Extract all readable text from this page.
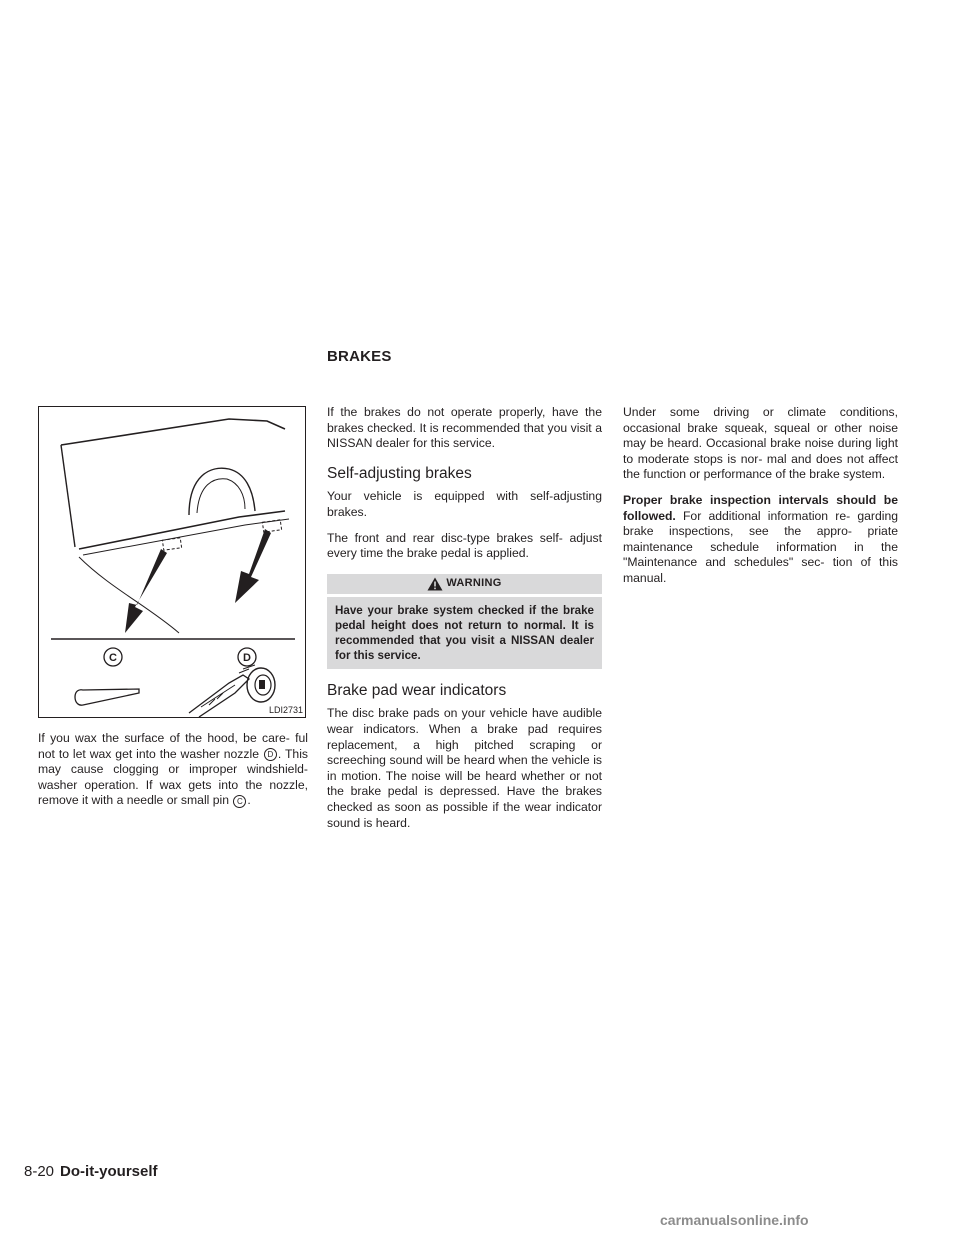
BRAKES
C	D
LDI2731

If you wax the surface of the hood, be care- ful not to let wax get into the washer nozzle D . This may cause clogging or improper windshield-washer operation. If wax gets into the nozzle, remove it with a needle or small pin C .

If the brakes do not operate properly, have the brakes checked. It is recommended that you visit a NISSAN dealer for this service.

Self-adjusting brakes

Your vehicle is equipped with self-adjusting brakes.

The front and rear disc-type brakes self- adjust every time the brake pedal is applied.

WARNING
Have your brake system checked if the brake pedal height does not return to normal. It is recommended that you visit a NISSAN dealer for this service.
Brake pad wear indicators

The disc brake pads on your vehicle have audible wear indicators. When a brake pad requires replacement, a high pitched scraping or screeching sound will be heard when the vehicle is in motion. The noise will be heard whether or not the brake pedal is depressed. Have the brakes checked as soon as possible if the wear indicator sound is heard.

Under some driving or climate conditions, occasional brake squeak, squeal or other noise may be heard. Occasional brake noise during light to moderate stops is nor- mal and does not affect the function or performance of the brake system.

Proper brake inspection intervals should be followed. For additional information re- garding brake inspections, see the appro- priate maintenance schedule information in the "Maintenance and schedules" sec- tion of this manual.

8-20 Do-it-yourself
carmanualsonline.info
